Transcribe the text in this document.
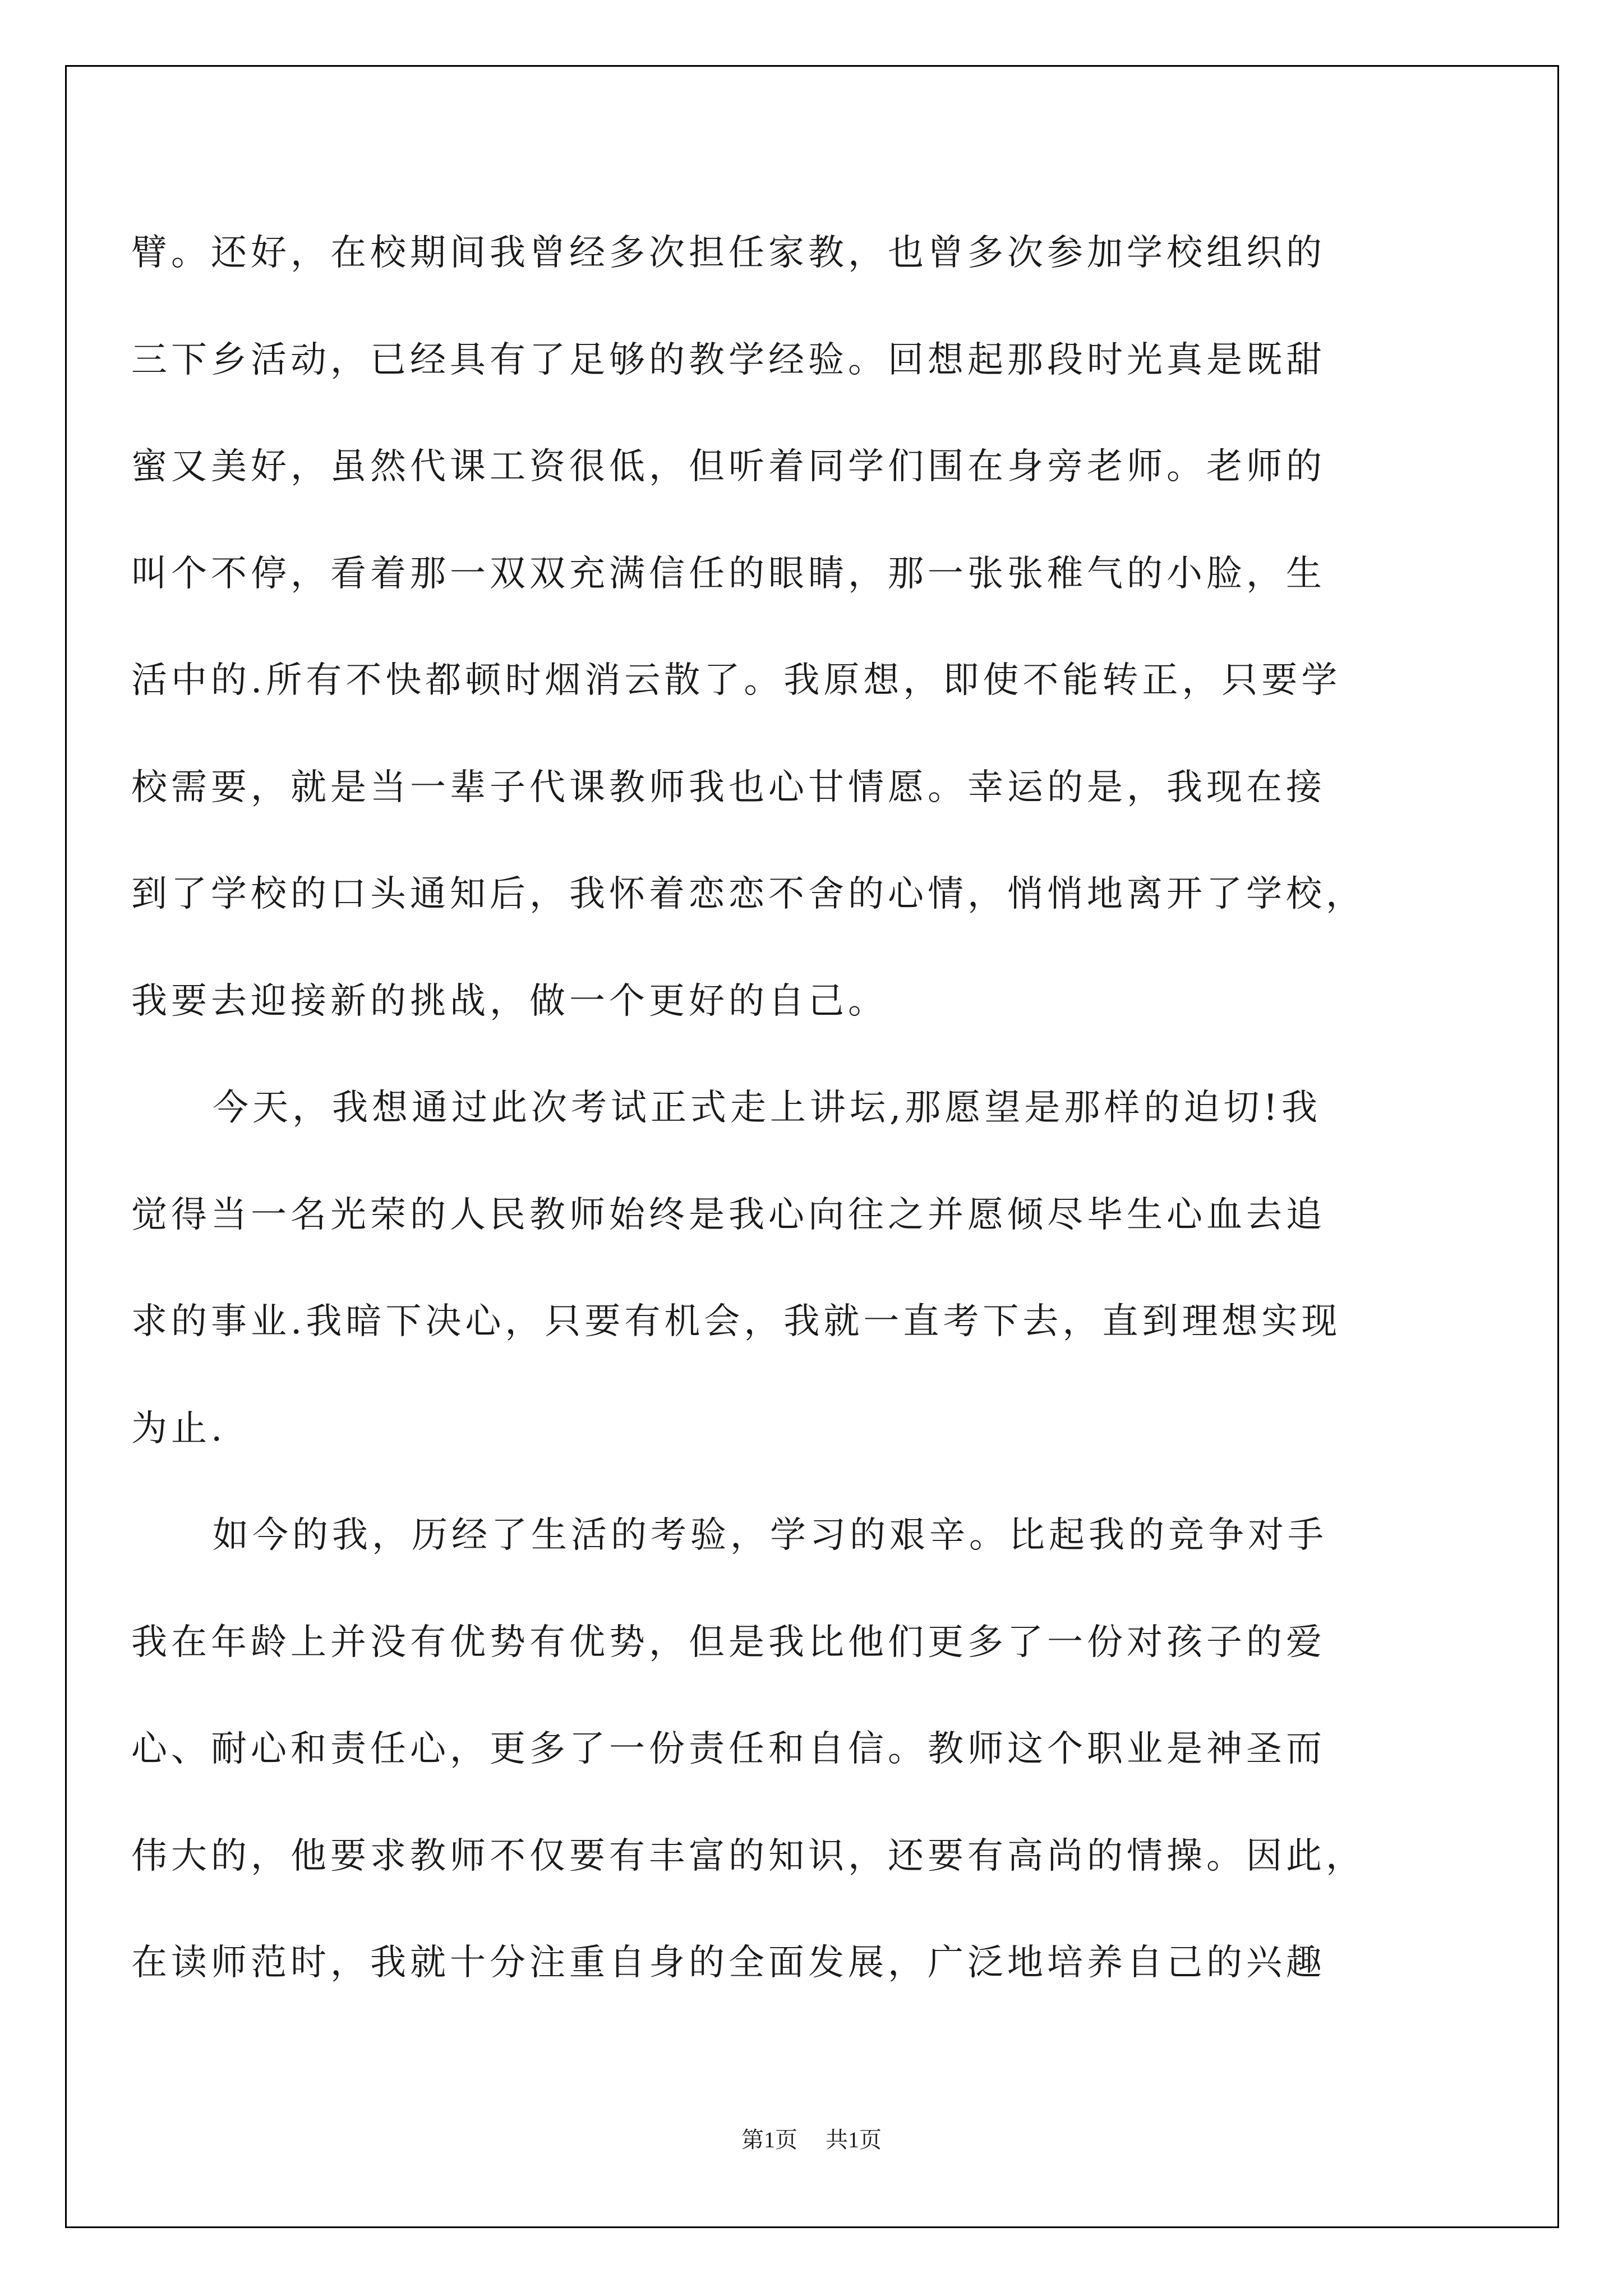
臂。还好，在校期间我曾经多次担任家教，也曾多次参加学校组织的
三下乡活动，已经具有了足够的教学经验。回想起那段时光真是既甜
蜜又美好，虽然代课工资很低，但听着同学们围在身旁老师。老师的
叫个不停，看着那一双双充满信任的眼睛，那一张张稚气的小脸，生
活中的.所有不快都顿时烟消云散了。我原想，即使不能转正，只要学
校需要，就是当一辈子代课教师我也心甘情愿。幸运的是，我现在接
到了学校的口头通知后，我怀着恋恋不舍的心情，悄悄地离开了学校，
我要去迎接新的挑战，做一个更好的自己。
今天，我想通过此次考试正式走上讲坛,那愿望是那样的迫切!我
觉得当一名光荣的人民教师始终是我心向往之并愿倾尽毕生心血去追
求的事业.我暗下决心，只要有机会，我就一直考下去，直到理想实现
为止.
如今的我，历经了生活的考验，学习的艰辛。比起我的竞争对手
我在年龄上并没有优势有优势，但是我比他们更多了一份对孩子的爱
心、耐心和责任心，更多了一份责任和自信。教师这个职业是神圣而
伟大的，他要求教师不仅要有丰富的知识，还要有高尚的情操。因此，
在读师范时，我就十分注重自身的全面发展，广泛地培养自己的兴趣
第1页 共1页
